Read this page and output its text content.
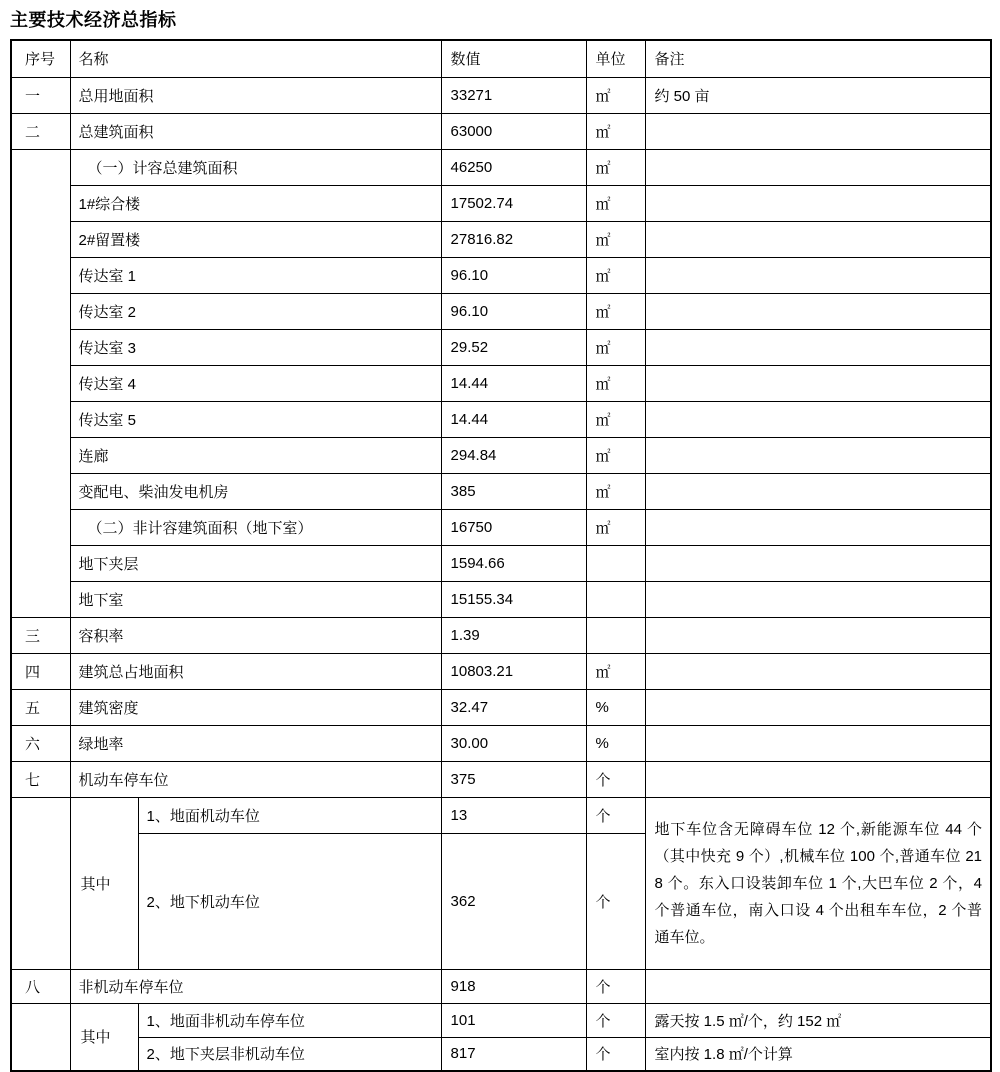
主要技术经济总指标
序号	名称		数值	单位	备注
一	总用地面积		33271	㎡	约 50 亩
二	总建筑面积		63000	㎡	
	（一）计容总建筑面积		46250	㎡	
	1#综合楼		17502.74	㎡	
	2#留置楼		27816.82	㎡	
	传达室 1		96.10	㎡	
	传达室 2		96.10	㎡	
	传达室 3		29.52	㎡	
	传达室 4		14.44	㎡	
	传达室 5		14.44	㎡	
	连廊		294.84	㎡	
	变配电、柴油发电机房		385	㎡	
	（二）非计容建筑面积（地下室）		16750	㎡	
	地下夹层		1594.66		
	地下室		15155.34		
三	容积率		1.39		
四	建筑总占地面积		10803.21	㎡	
五	建筑密度		32.47	%	
六	绿地率		30.00	%	
七	机动车停车位		375	个	
	其中	1、地面机动车位	13	个	地下车位含无障碍车位 12 个,新能源车位 44 个（其中快充 9 个）,机械车位 100 个,普通车位 218 个。东入口设装卸车位 1 个,大巴车位 2 个，4 个普通车位，南入口设 4 个出租车车位，2 个普通车位。
		2、地下机动车位	362	个	
八	非机动车停车位		918	个	
	其中	1、地面非机动车停车位	101	个	露天按 1.5 ㎡/个，约 152 ㎡
		2、地下夹层非机动车位	817	个	室内按 1.8 ㎡/个计算
